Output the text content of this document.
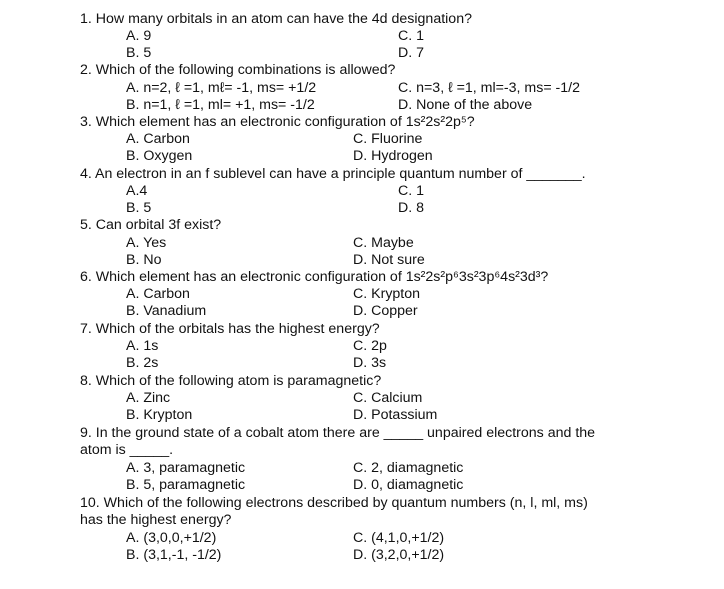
1. How many orbitals in an atom can have the 4d designation?
A. 9	C. 1
B. 5	D. 7
2. Which of the following combinations is allowed?
A. n=2, ℓ =1, mℓ= -1, ms= +1/2	C. n=3, ℓ =1, ml=-3, ms= -1/2
B. n=1, ℓ =1, ml= +1, ms= -1/2	D. None of the above
3. Which element has an electronic configuration of 1s²2s²2p⁵?
A. Carbon	C. Fluorine
B. Oxygen	D. Hydrogen
4. An electron in an f sublevel can have a principle quantum number of _______.
A.4	C. 1
B. 5	D. 8
5. Can orbital 3f exist?
A. Yes	C. Maybe
B. No	D. Not sure
6. Which element has an electronic configuration of 1s²2s²p⁶3s²3p⁶4s²3d³?
A. Carbon	C. Krypton
B. Vanadium	D. Copper
7. Which of the orbitals has the highest energy?
A. 1s	C. 2p
B. 2s	D. 3s
8. Which of the following atom is paramagnetic?
A. Zinc	C. Calcium
B. Krypton	D. Potassium
9. In the ground state of a cobalt atom there are _____ unpaired electrons and the
atom is _____.
A. 3, paramagnetic	C. 2, diamagnetic
B. 5, paramagnetic	D. 0, diamagnetic
10. Which of the following electrons described by quantum numbers (n, l, ml, ms)
has the highest energy?
A. (3,0,0,+1/2)	C. (4,1,0,+1/2)
B. (3,1,-1, -1/2)	D. (3,2,0,+1/2)
